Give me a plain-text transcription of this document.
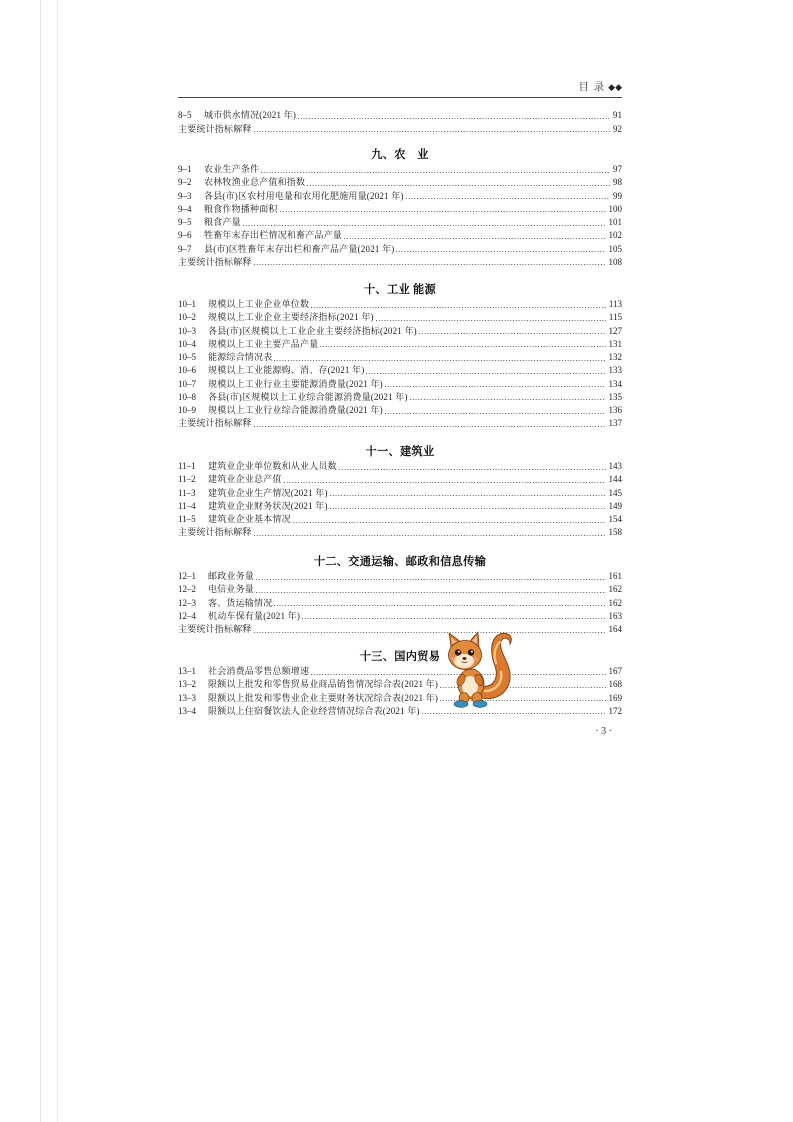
目 录 ◆◆
8–5	城市供水情况(2021 年)	91
主要统计指标解释	92
九、农　业
9–1	农业生产条件	97
9–2	农林牧渔业总产值和指数	98
9–3	各县(市)区农村用电量和农用化肥施用量(2021 年)	99
9–4	粮食作物播种面积	100
9–5	粮食产量	101
9–6	牲畜年末存出栏情况和畜产品产量	102
9–7	县(市)区牲畜年末存出栏和畜产品产量(2021 年)	105
主要统计指标解释	108
十、工业 能源
10–1	规模以上工业企业单位数	113
10–2	规模以上工业企业主要经济指标(2021 年)	115
10–3	各县(市)区规模以上工业企业主要经济指标(2021 年)	127
10–4	规模以上工业主要产品产量	131
10–5	能源综合情况表	132
10–6	规模以上工业能源购、消、存(2021 年)	133
10–7	规模以上工业行业主要能源消费量(2021 年)	134
10–8	各县(市)区规模以上工业综合能源消费量(2021 年)	135
10–9	规模以上工业行业综合能源消费量(2021 年)	136
主要统计指标解释	137
十一、建筑业
11–1	建筑业企业单位数和从业人员数	143
11–2	建筑业企业总产值	144
11–3	建筑业企业生产情况(2021 年)	145
11–4	建筑业企业财务状况(2021 年)	149
11–5	建筑业企业基本情况	154
主要统计指标解释	158
十二、交通运输、邮政和信息传输
12–1	邮政业务量	161
12–2	电信业务量	162
12–3	客、货运输情况	162
12–4	机动车保有量(2021 年)	163
主要统计指标解释	164
十三、国内贸易
13–1	社会消费品零售总额增速	167
13–2	限额以上批发和零售贸易业商品销售情况综合表(2021 年)	168
13–3	限额以上批发和零售业企业主要财务状况综合表(2021 年)	169
13–4	限额以上住宿餐饮法人企业经营情况综合表(2021 年)	172
· 3 ·
